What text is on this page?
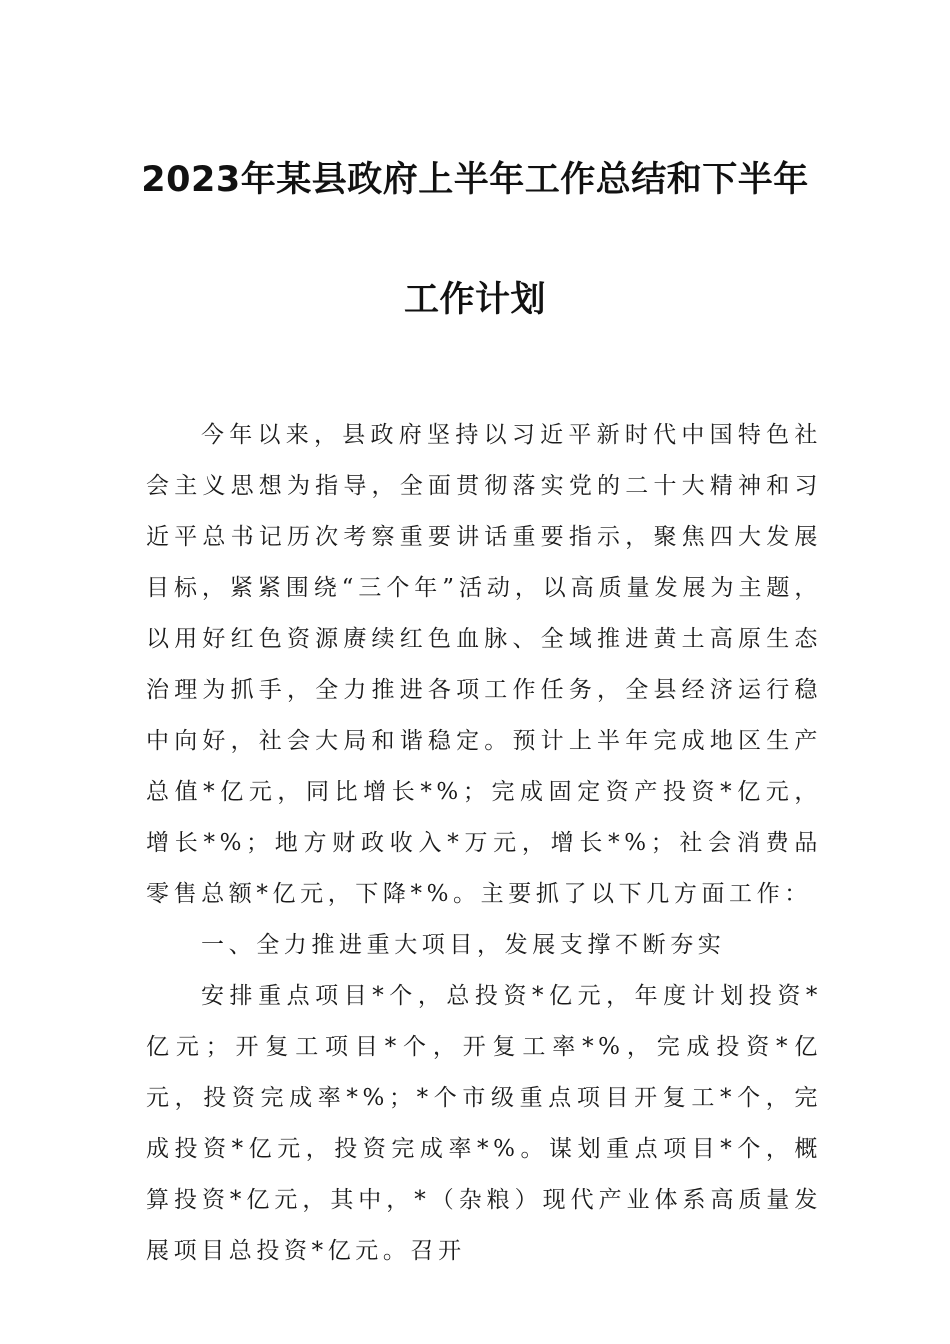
2023年某县政府上半年工作总结和下半年
工作计划

今年以来，县政府坚持以习近平新时代中国特色社会主义思想为指导，全面贯彻落实党的二十大精神和习近平总书记历次考察重要讲话重要指示，聚焦四大发展目标，紧紧围绕“三个年”活动，以高质量发展为主题，以用好红色资源赓续红色血脉、全域推进黄土高原生态治理为抓手，全力推进各项工作任务，全县经济运行稳中向好，社会大局和谐稳定。预计上半年完成地区生产总值*亿元，同比增长*%；完成固定资产投资*亿元，增长*%；地方财政收入*万元，增长*%；社会消费品零售总额*亿元，下降*%。主要抓了以下几方面工作：

一、全力推进重大项目，发展支撑不断夯实

安排重点项目*个，总投资*亿元，年度计划投资*亿元；开复工项目*个，开复工率*%，完成投资*亿元，投资完成率*%；*个市级重点项目开复工*个，完成投资*亿元，投资完成率*%。谋划重点项目*个，概算投资*亿元，其中，*（杂粮）现代产业体系高质量发展项目总投资*亿元。召开
